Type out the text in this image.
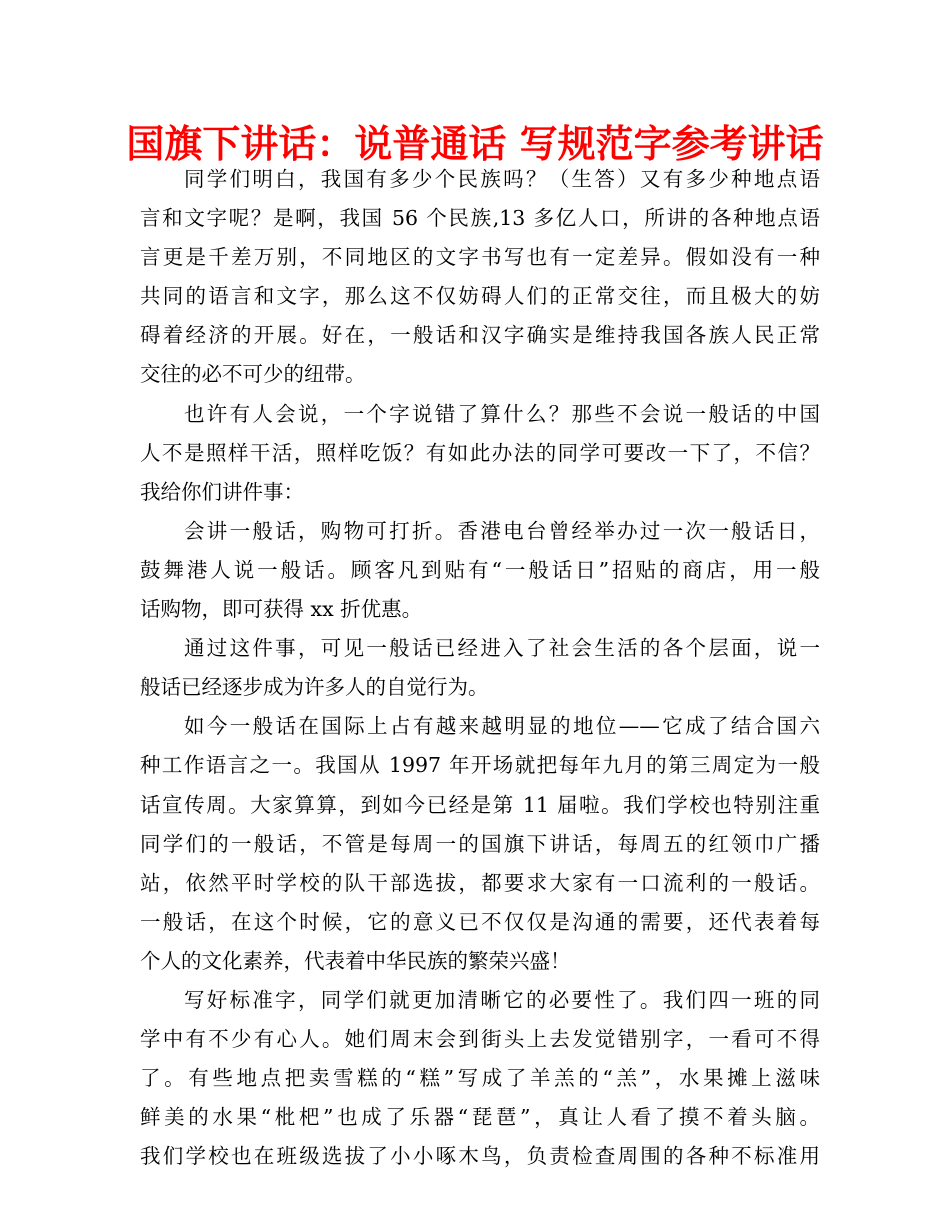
国旗下讲话：说普通话 写规范字参考讲话
同学们明白，我国有多少个民族吗？（生答）又有多少种地点语
言和文字呢？是啊，我国 56 个民族,13 多亿人口，所讲的各种地点语
言更是千差万别，不同地区的文字书写也有一定差异。假如没有一种
共同的语言和文字，那么这不仅妨碍人们的正常交往，而且极大的妨
碍着经济的开展。好在，一般话和汉字确实是维持我国各族人民正常
交往的必不可少的纽带。
也许有人会说，一个字说错了算什么？那些不会说一般话的中国
人不是照样干活，照样吃饭？有如此办法的同学可要改一下了，不信？
我给你们讲件事：
会讲一般话，购物可打折。香港电台曾经举办过一次一般话日，
鼓舞港人说一般话。顾客凡到贴有“一般话日”招贴的商店，用一般
话购物，即可获得 xx 折优惠。
通过这件事，可见一般话已经进入了社会生活的各个层面，说一
般话已经逐步成为许多人的自觉行为。
如今一般话在国际上占有越来越明显的地位——它成了结合国六
种工作语言之一。我国从 1997 年开场就把每年九月的第三周定为一般
话宣传周。大家算算，到如今已经是第 11 届啦。我们学校也特别注重
同学们的一般话，不管是每周一的国旗下讲话，每周五的红领巾广播
站，依然平时学校的队干部选拔，都要求大家有一口流利的一般话。
一般话，在这个时候，它的意义已不仅仅是沟通的需要，还代表着每
个人的文化素养，代表着中华民族的繁荣兴盛！
写好标准字，同学们就更加清晰它的必要性了。我们四一班的同
学中有不少有心人。她们周末会到街头上去发觉错别字，一看可不得
了。有些地点把卖雪糕的“糕”写成了羊羔的“羔”，水果摊上滋味
鲜美的水果“枇杷”也成了乐器“琵琶”，真让人看了摸不着头脑。
我们学校也在班级选拔了小小啄木鸟，负责检查周围的各种不标准用
